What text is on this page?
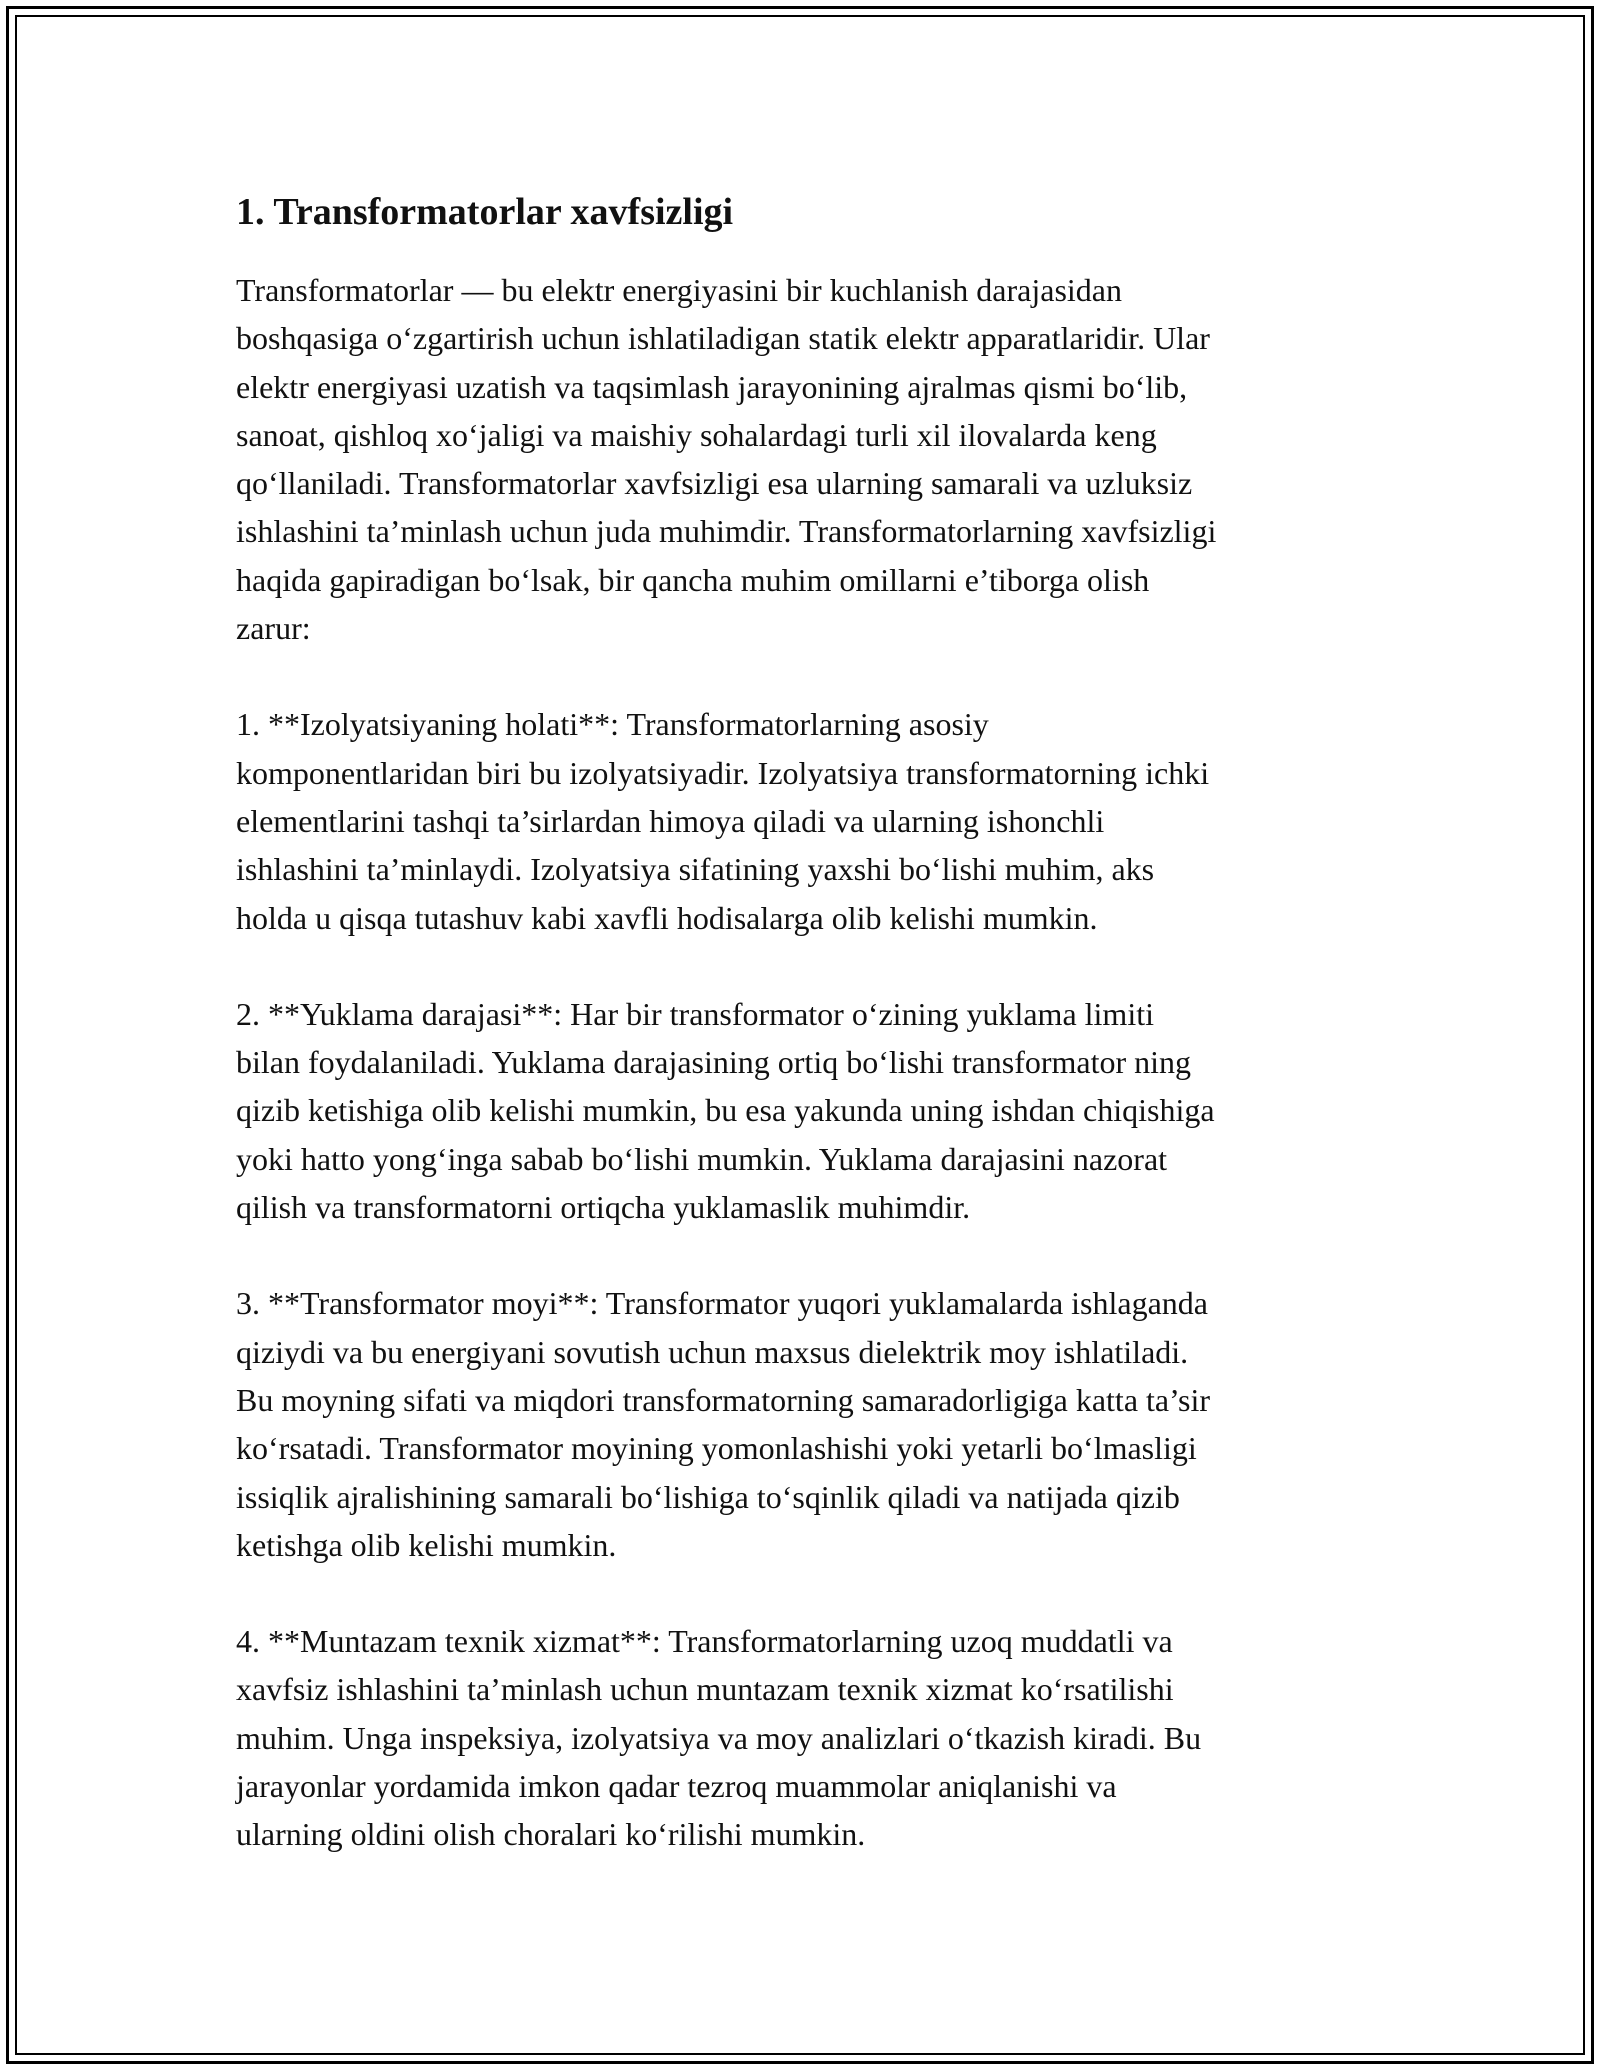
1. Transformatorlar xavfsizligi

Transformatorlar — bu elektr energiyasini bir kuchlanish darajasidan
boshqasiga o‘zgartirish uchun ishlatiladigan statik elektr apparatlaridir. Ular
elektr energiyasi uzatish va taqsimlash jarayonining ajralmas qismi bo‘lib,
sanoat, qishloq xo‘jaligi va maishiy sohalardagi turli xil ilovalarda keng
qo‘llaniladi. Transformatorlar xavfsizligi esa ularning samarali va uzluksiz
ishlashini ta’minlash uchun juda muhimdir. Transformatorlarning xavfsizligi
haqida gapiradigan bo‘lsak, bir qancha muhim omillarni e’tiborga olish
zarur:

1. **Izolyatsiyaning holati**: Transformatorlarning asosiy
komponentlaridan biri bu izolyatsiyadir. Izolyatsiya transformatorning ichki
elementlarini tashqi ta’sirlardan himoya qiladi va ularning ishonchli
ishlashini ta’minlaydi. Izolyatsiya sifatining yaxshi bo‘lishi muhim, aks
holda u qisqa tutashuv kabi xavfli hodisalarga olib kelishi mumkin.

2. **Yuklama darajasi**: Har bir transformator o‘zining yuklama limiti
bilan foydalaniladi. Yuklama darajasining ortiq bo‘lishi transformator ning
qizib ketishiga olib kelishi mumkin, bu esa yakunda uning ishdan chiqishiga
yoki hatto yong‘inga sabab bo‘lishi mumkin. Yuklama darajasini nazorat
qilish va transformatorni ortiqcha yuklamaslik muhimdir.

3. **Transformator moyi**: Transformator yuqori yuklamalarda ishlaganda
qiziydi va bu energiyani sovutish uchun maxsus dielektrik moy ishlatiladi.
Bu moyning sifati va miqdori transformatorning samaradorligiga katta ta’sir
ko‘rsatadi. Transformator moyining yomonlashishi yoki yetarli bo‘lmasligi
issiqlik ajralishining samarali bo‘lishiga to‘sqinlik qiladi va natijada qizib
ketishga olib kelishi mumkin.

4. **Muntazam texnik xizmat**: Transformatorlarning uzoq muddatli va
xavfsiz ishlashini ta’minlash uchun muntazam texnik xizmat ko‘rsatilishi
muhim. Unga inspeksiya, izolyatsiya va moy analizlari o‘tkazish kiradi. Bu
jarayonlar yordamida imkon qadar tezroq muammolar aniqlanishi va
ularning oldini olish choralari ko‘rilishi mumkin.
